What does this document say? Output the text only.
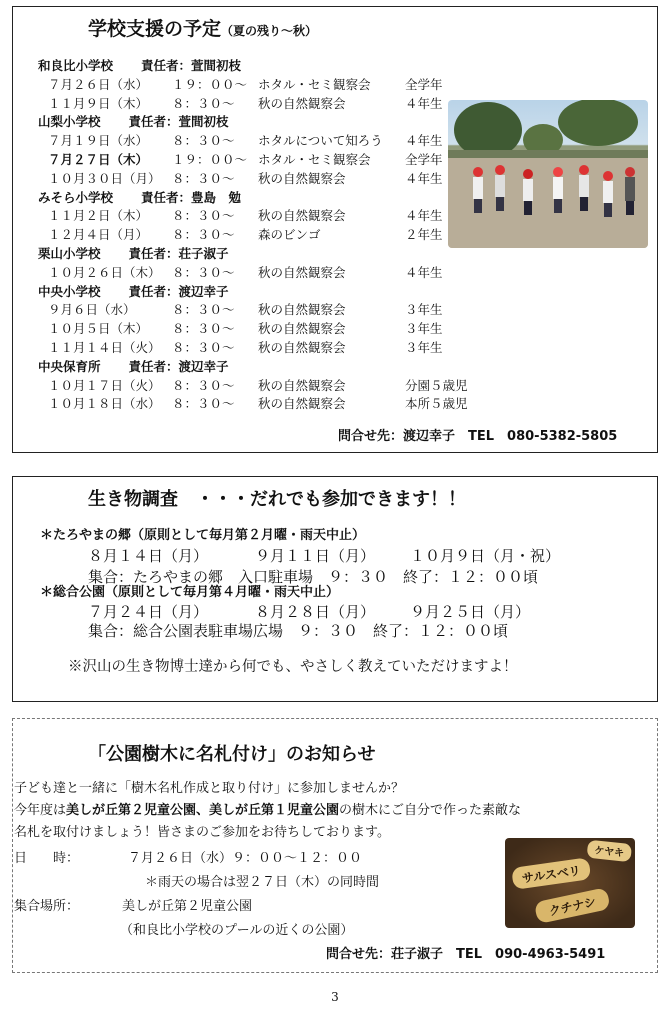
学校支援の予定（夏の残り～秋）
和良比小学校 責任者：萱間初枝
７月２６日（水） １９：００～ ホタル・セミ観察会	全学年
１１月９日（木） ８：３０～ 秋の自然観察会	４年生
山梨小学校 責任者：萱間初枝
７月１９日（水） ８：３０～ ホタルについて知ろう ４年生
７月２７日（木） １９：００～ ホタル・セミ観察会	全学年
１０月３０日（月） ８：３０～ 秋の自然観察会	４年生
みそら小学校 責任者：豊島　勉
１１月２日（木） ８：３０～ 秋の自然観察会	４年生
１２月４日（月） ８：３０～ 森のビンゴ	２年生
栗山小学校 責任者：荘子淑子
１０月２６日（木） ８：３０～ 秋の自然観察会	４年生
中央小学校 責任者：渡辺幸子
９月６日（水）	８：３０～ 秋の自然観察会	３年生
１０月５日（木） ８：３０～ 秋の自然観察会	３年生
１１月１４日（火） ８：３０～ 秋の自然観察会	３年生
中央保育所 責任者：渡辺幸子
１０月１７日（火） ８：３０～ 秋の自然観察会	分園５歳児
１０月１８日（水） ８：３０～ 秋の自然観察会	本所５歳児
問合せ先：渡辺幸子　TEL　080-5382-5805
生き物調査　・・・だれでも参加できます！！
＊たろやまの郷（原則として毎月第２月曜・雨天中止）
８月１４日（月）	９月１１日（月） １０月９日（月・祝）
集合：たろやまの郷　入口駐車場　９：３０　終了：１２：００頃
＊総合公園（原則として毎月第４月曜・雨天中止）
７月２４日（月）	８月２８日（月） ９月２５日（月）
集合：総合公園表駐車場広場　９：３０　終了：１２：００頃
※沢山の生き物博士達から何でも、やさしく教えていただけますよ！
「公園樹木に名札付け」のお知らせ
子ども達と一緒に「樹木名札作成と取り付け」に参加しませんか？
今年度は美しが丘第２児童公園、美しが丘第１児童公園の樹木にご自分で作った素敵な
名札を取付けましょう！皆さまのご参加をお待ちしております。
日　　時：	７月２６日（水）９：００～１２：００
＊雨天の場合は翌２７日（木）の同時間
集合場所：	美しが丘第２児童公園
（和良比小学校のプールの近くの公園）
問合せ先：荘子淑子　TEL　090-4963-5491
サルスベリ
クチナシ
ケヤキ
3
